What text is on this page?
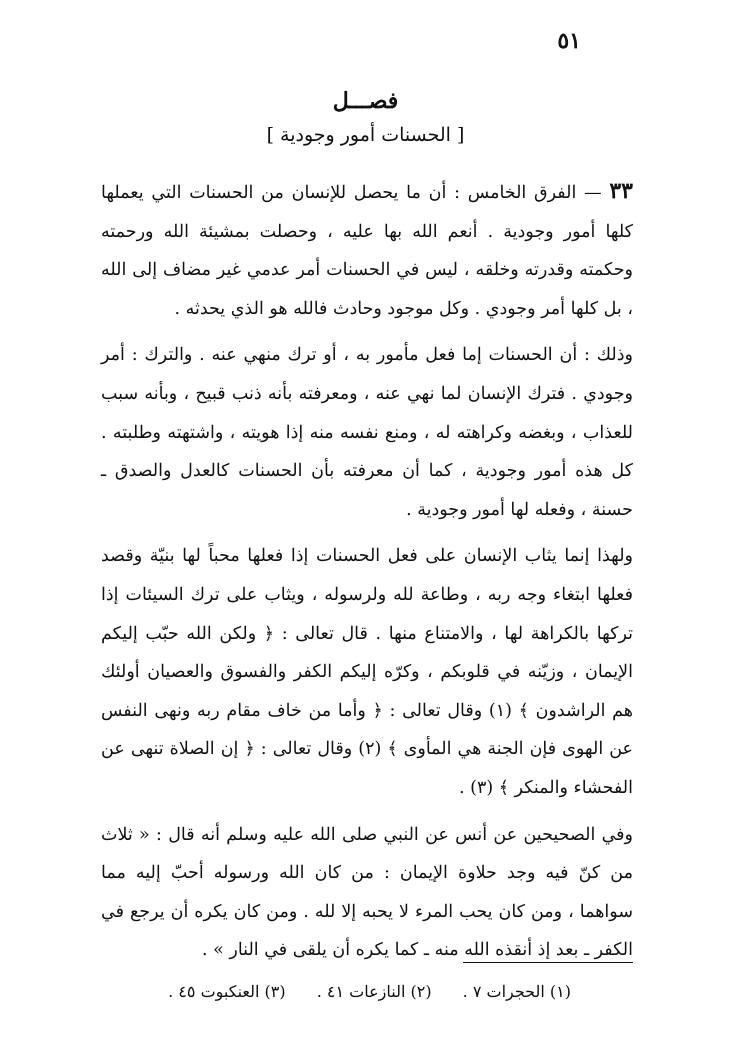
٥١
فصـــل
[ الحسنات أمور وجودية ]

٣٣ — الفرق الخامس : أن ما يحصل للإنسان من الحسنات التي يعملها كلها أمور وجودية . أنعم الله بها عليه ، وحصلت بمشيئة الله ورحمته وحكمته وقدرته وخلقه ، ليس في الحسنات أمر عدمي غير مضاف إلى الله ، بل كلها أمر وجودي . وكل موجود وحادث فالله هو الذي يحدثه .

وذلك : أن الحسنات إما فعل مأمور به ، أو ترك منهي عنه . والترك : أمر وجودي . فترك الإنسان لما نهي عنه ، ومعرفته بأنه ذنب قبيح ، وبأنه سبب للعذاب ، وبغضه وكراهته له ، ومنع نفسه منه إذا هويته ، واشتهته وطلبته . كل هذه أمور وجودية ، كما أن معرفته بأن الحسنات كالعدل والصدق ـ حسنة ، وفعله لها أمور وجودية .

ولهذا إنما يثاب الإنسان على فعل الحسنات إذا فعلها محباً لها بنيّة وقصد فعلها ابتغاء وجه ربه ، وطاعة لله ولرسوله ، ويثاب على ترك السيئات إذا تركها بالكراهة لها ، والامتناع منها . قال تعالى : ﴿ ولكن الله حبّب إليكم الإيمان ، وزيّنه في قلوبكم ، وكرّه إليكم الكفر والفسوق والعصيان أولئك هم الراشدون ﴾ (١) وقال تعالى : ﴿ وأما من خاف مقام ربه ونهى النفس عن الهوى فإن الجنة هي المأوى ﴾ (٢) وقال تعالى : ﴿ إن الصلاة تنهى عن الفحشاء والمنكر ﴾ (٣) .

وفي الصحيحين عن أنس عن النبي صلى الله عليه وسلم أنه قال : « ثلاث من كنّ فيه وجد حلاوة الإيمان : من كان الله ورسوله أحبّ إليه مما سواهما ، ومن كان يحب المرء لا يحبه إلا لله . ومن كان يكره أن يرجع في الكفر ـ بعد إذ أنقذه الله منه ـ كما يكره أن يلقى في النار » .

(١) الحجرات ٧ . (٢) النازعات ٤١ . (٣) العنكبوت ٤٥ .
